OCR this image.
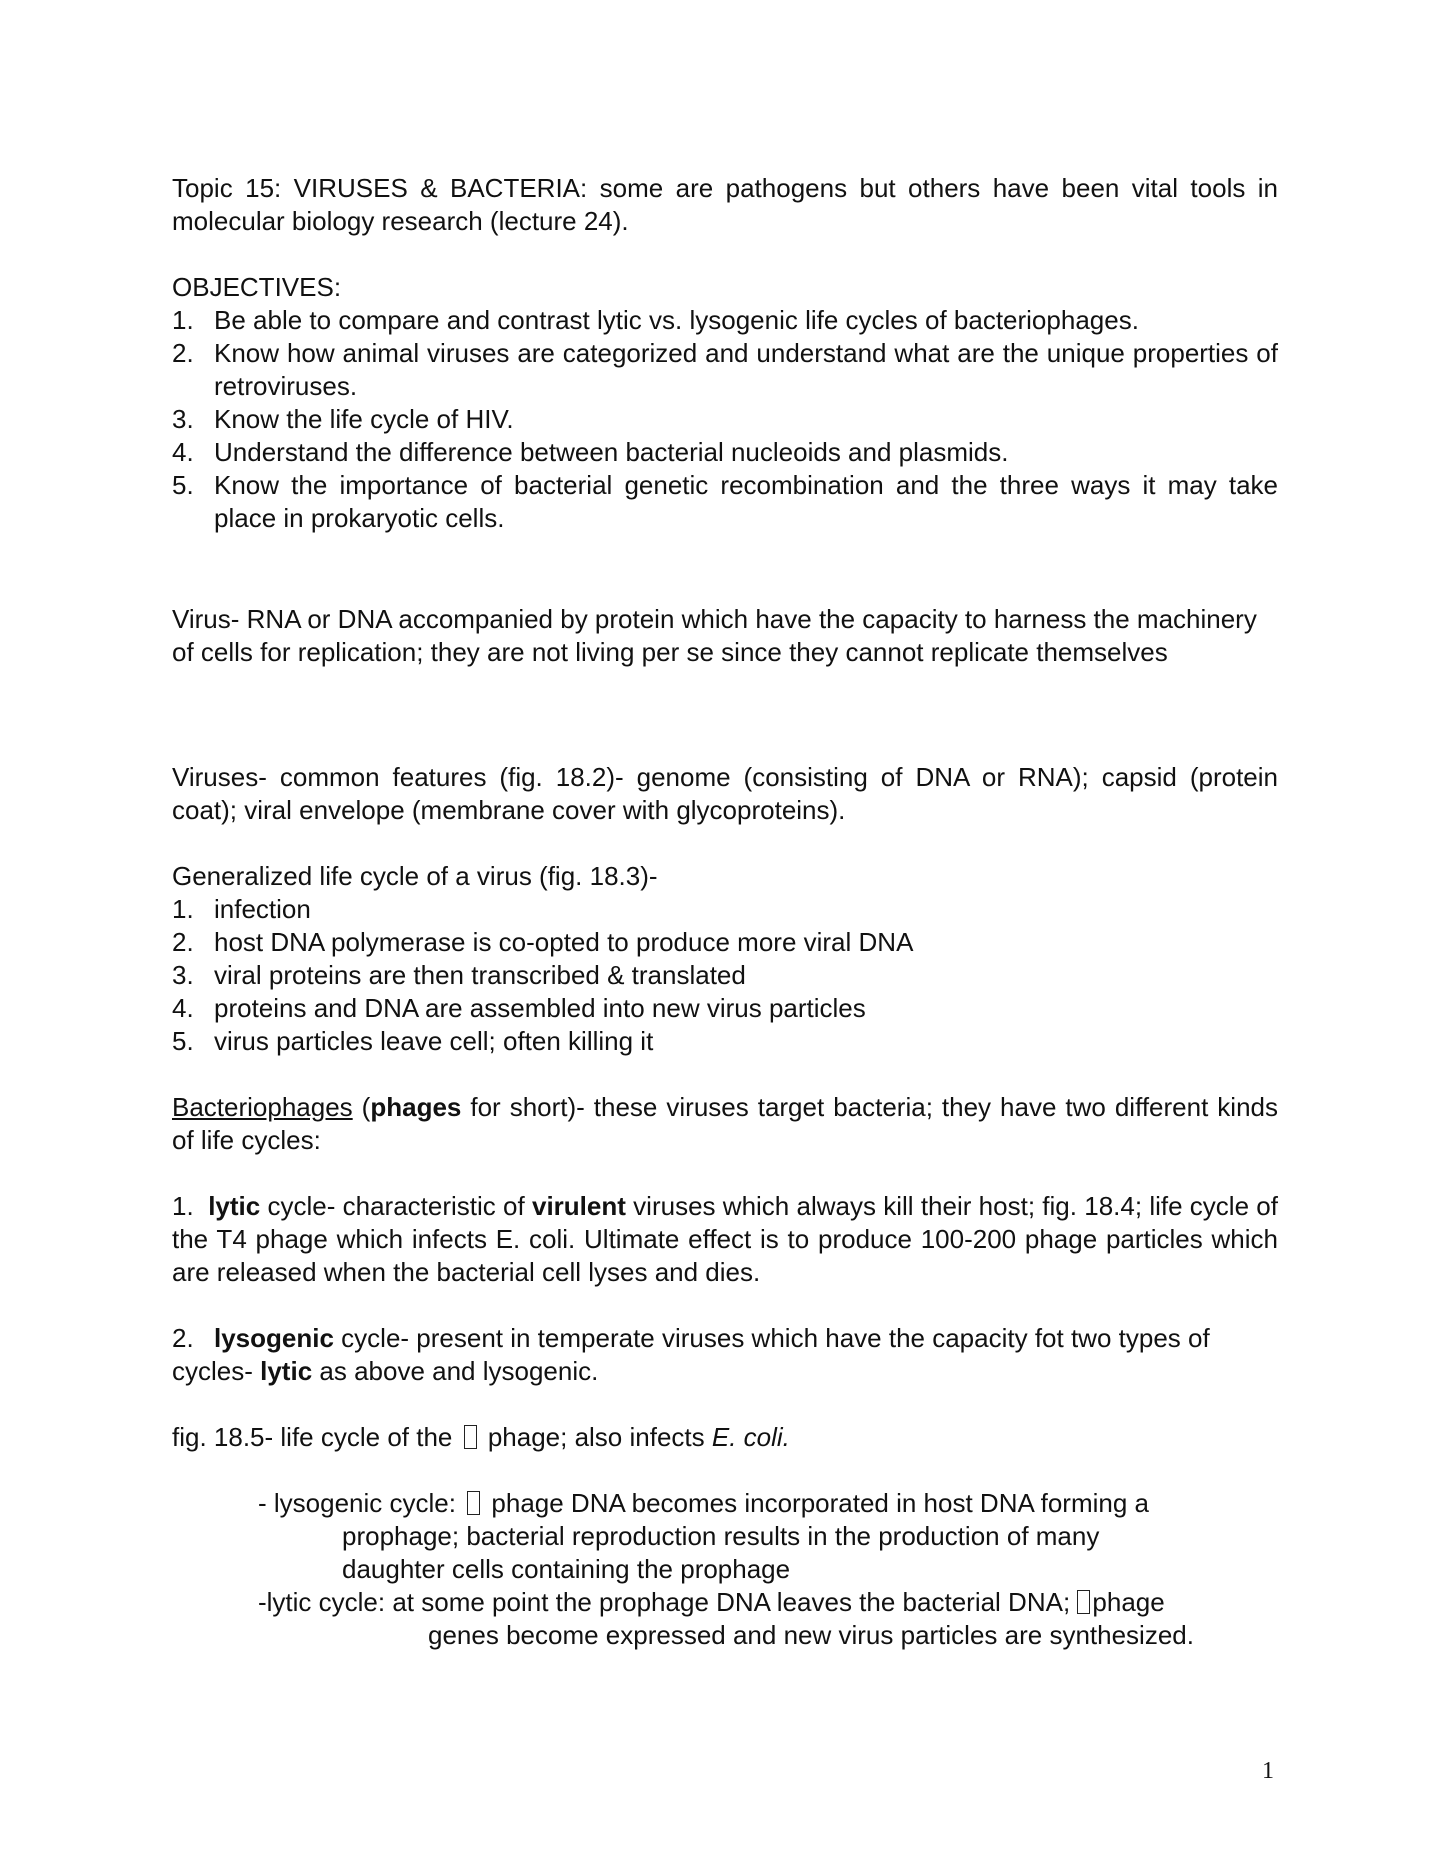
Topic 15: VIRUSES & BACTERIA: some are pathogens but others have been vital tools in molecular biology research (lecture 24).

OBJECTIVES:

1. Be able to compare and contrast lytic vs. lysogenic life cycles of bacteriophages.
2. Know how animal viruses are categorized and understand what are the unique properties of retroviruses.
3. Know the life cycle of HIV.
4. Understand the difference between bacterial nucleoids and plasmids.
5. Know the importance of bacterial genetic recombination and the three ways it may take place in prokaryotic cells.

Virus- RNA or DNA accompanied by protein which have the capacity to harness the machinery of cells for replication; they are not living per se since they cannot replicate themselves

Viruses- common features (fig. 18.2)- genome (consisting of DNA or RNA); capsid (protein coat); viral envelope (membrane cover with glycoproteins).

Generalized life cycle of a virus (fig. 18.3)-

1. infection
2. host DNA polymerase is co-opted to produce more viral DNA
3. viral proteins are then transcribed & translated
4. proteins and DNA are assembled into new virus particles
5. virus particles leave cell; often killing it

Bacteriophages (phages for short)- these viruses target bacteria; they have two different kinds of life cycles:

1. lytic cycle- characteristic of virulent viruses which always kill their host; fig. 18.4; life cycle of the T4 phage which infects E. coli. Ultimate effect is to produce 100-200 phage particles which are released when the bacterial cell lyses and dies.

2. lysogenic cycle- present in temperate viruses which have the capacity fot two types of

cycles- lytic as above and lysogenic.

fig. 18.5- life cycle of the  phage; also infects E. coli.

- lysogenic cycle:  phage DNA becomes incorporated in host DNA forming a

prophage; bacterial reproduction results in the production of many

daughter cells containing the prophage

-lytic cycle: at some point the prophage DNA leaves the bacterial DNA; phage

genes become expressed and new virus particles are synthesized.

1
